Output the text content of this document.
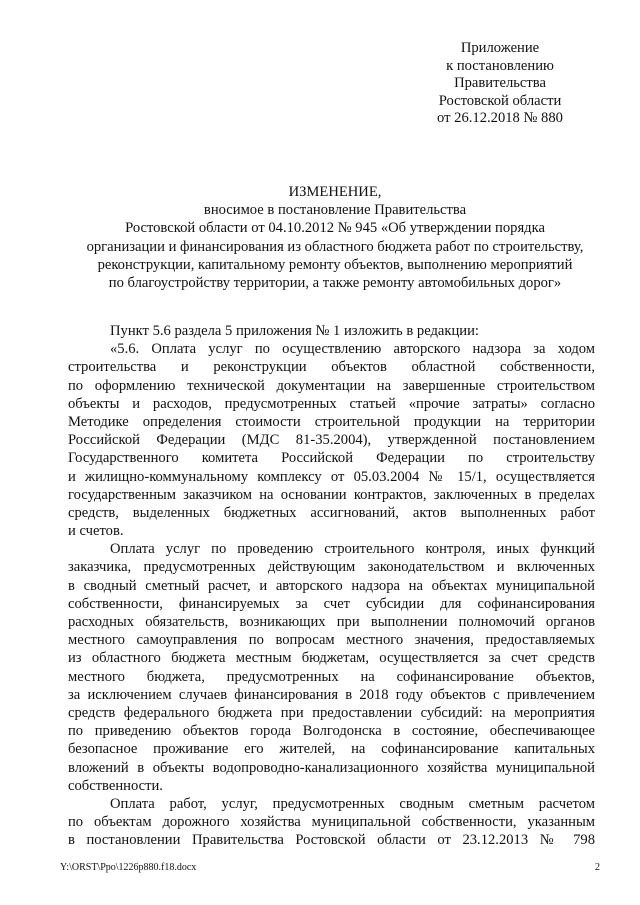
Приложение
к постановлению
Правительства
Ростовской области
от 26.12.2018 № 880
ИЗМЕНЕНИЕ,
вносимое в постановление Правительства
Ростовской области от 04.10.2012 № 945 «Об утверждении порядка
организации и финансирования из областного бюджета работ по строительству,
реконструкции, капитальному ремонту объектов, выполнению мероприятий
по благоустройству территории, а также ремонту автомобильных дорог»
Пункт 5.6 раздела 5 приложения № 1 изложить в редакции:
«5.6. Оплата услуг по осуществлению авторского надзора за ходом
строительства и реконструкции объектов областной собственности,
по оформлению технической документации на завершенные строительством
объекты и расходов, предусмотренных статьей «прочие затраты» согласно
Методике определения стоимости строительной продукции на территории
Российской Федерации (МДС 81-35.2004), утвержденной постановлением
Государственного комитета Российской Федерации по строительству
и жилищно-коммунальному комплексу от 05.03.2004 № 15/1, осуществляется
государственным заказчиком на основании контрактов, заключенных в пределах
средств, выделенных бюджетных ассигнований, актов выполненных работ
и счетов.
Оплата услуг по проведению строительного контроля, иных функций
заказчика, предусмотренных действующим законодательством и включенных
в сводный сметный расчет, и авторского надзора на объектах муниципальной
собственности, финансируемых за счет субсидии для софинансирования
расходных обязательств, возникающих при выполнении полномочий органов
местного самоуправления по вопросам местного значения, предоставляемых
из областного бюджета местным бюджетам, осуществляется за счет средств
местного бюджета, предусмотренных на софинансирование объектов,
за исключением случаев финансирования в 2018 году объектов с привлечением
средств федерального бюджета при предоставлении субсидий: на мероприятия
по приведению объектов города Волгодонска в состояние, обеспечивающее
безопасное проживание его жителей, на софинансирование капитальных
вложений в объекты водопроводно-канализационного хозяйства муниципальной
собственности.
Оплата работ, услуг, предусмотренных сводным сметным расчетом
по объектам дорожного хозяйства муниципальной собственности, указанным
в постановлении Правительства Ростовской области от 23.12.2013 № 798
Y:\ORST\Ppo\1226p880.f18.docx	2
